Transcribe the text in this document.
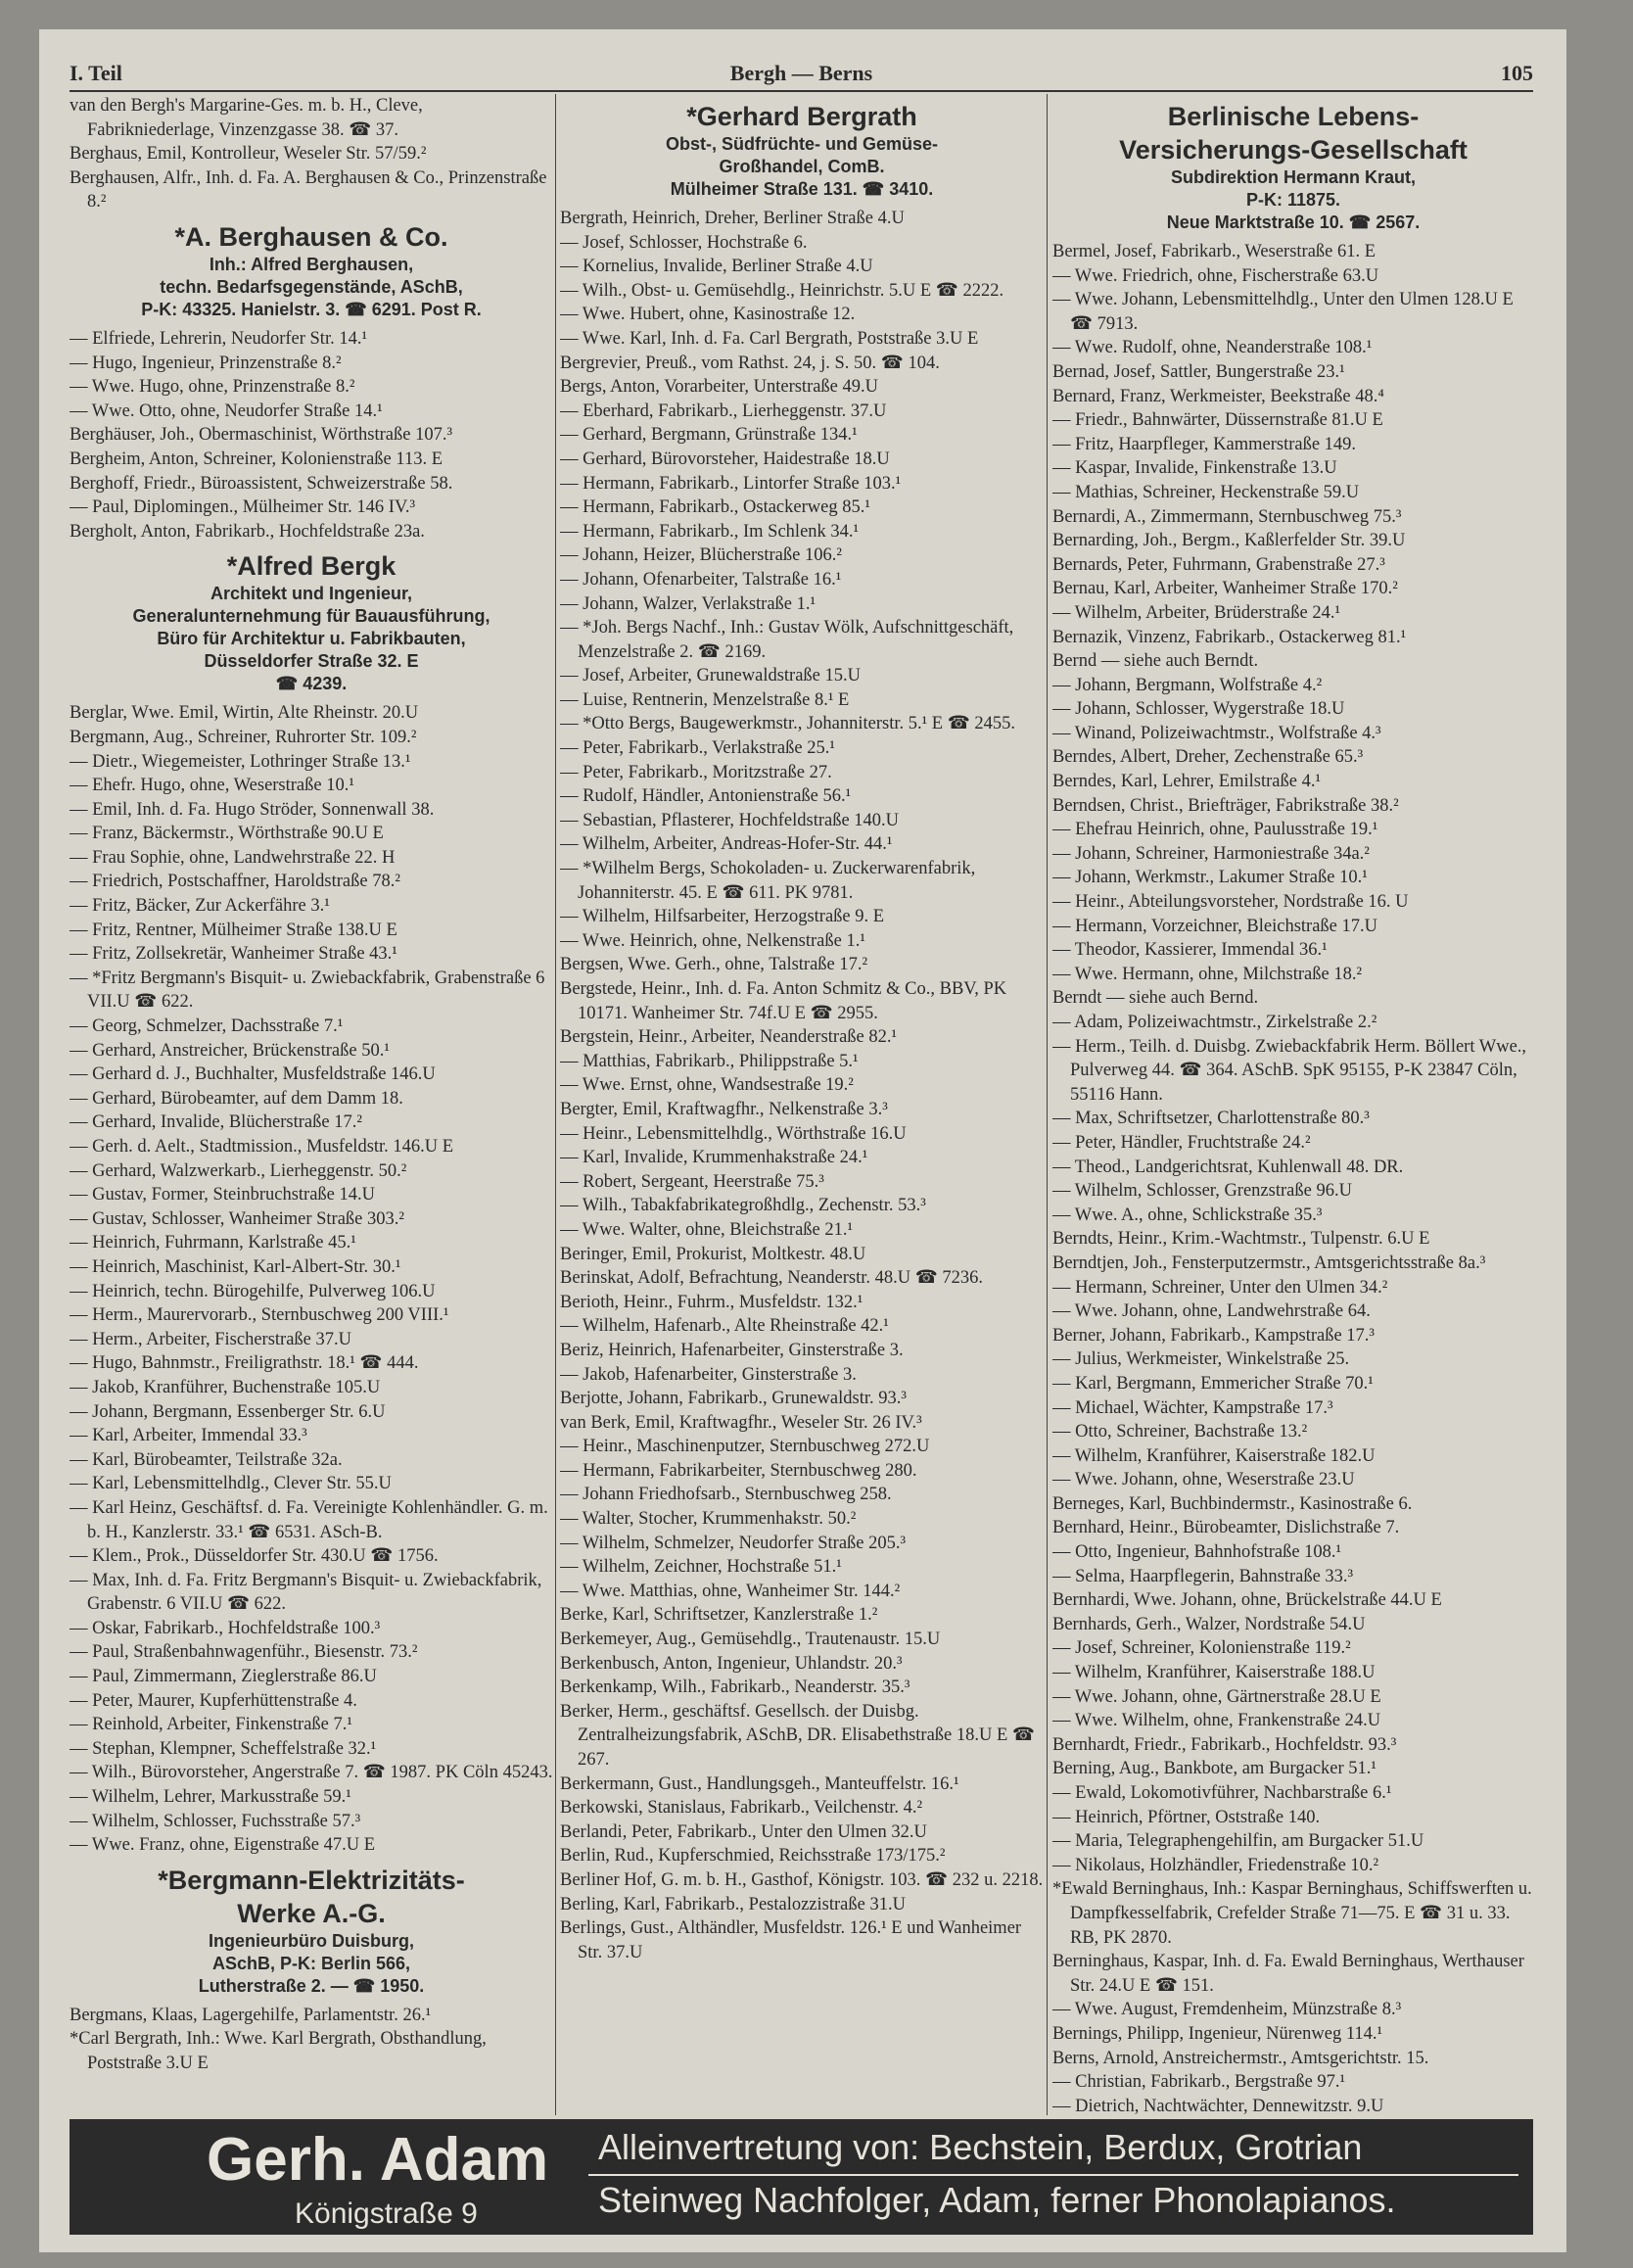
I. Teil	Bergh — Berns	105
van den Bergh's Margarine-Ges. m. b. H., Cleve, Fabrikniederlage, Vinzenzgasse 38. ☎ 37.
Berghaus, Emil, Kontrolleur, Weseler Str. 57/59.²
Berghausen, Alfr., Inh. d. Fa. A. Berghausen & Co., Prinzenstraße 8.²
*A. Berghausen & Co.
Inh.: Alfred Berghausen,
techn. Bedarfsgegenstände, ASchB,
P-K: 43325. Hanielstr. 3. ☎ 6291. Post R.
— Elfriede, Lehrerin, Neudorfer Str. 14.¹
— Hugo, Ingenieur, Prinzenstraße 8.²
— Wwe. Hugo, ohne, Prinzenstraße 8.²
— Wwe. Otto, ohne, Neudorfer Straße 14.¹
Berghäuser, Joh., Obermaschinist, Wörthstraße 107.³
Bergheim, Anton, Schreiner, Kolonienstraße 113. E
Berghoff, Friedr., Büroassistent, Schweizerstraße 58.
— Paul, Diplomingen., Mülheimer Str. 146 IV.³
Bergholt, Anton, Fabrikarb., Hochfeldstraße 23a.
*Alfred Bergk
Architekt und Ingenieur,
Generalunternehmung für Bauausführung,
Büro für Architektur u. Fabrikbauten,
Düsseldorfer Straße 32. E
☎ 4239.
Berglar, Wwe. Emil, Wirtin, Alte Rheinstr. 20.U
Bergmann, Aug., Schreiner, Ruhrorter Str. 109.²
— Dietr., Wiegemeister, Lothringer Straße 13.¹
— Ehefr. Hugo, ohne, Weserstraße 10.¹
— Emil, Inh. d. Fa. Hugo Ströder, Sonnenwall 38.
— Franz, Bäckermstr., Wörthstraße 90.U E
— Frau Sophie, ohne, Landwehrstraße 22. H
— Friedrich, Postschaffner, Haroldstraße 78.²
— Fritz, Bäcker, Zur Ackerfähre 3.¹
— Fritz, Rentner, Mülheimer Straße 138.U E
— Fritz, Zollsekretär, Wanheimer Straße 43.¹
— *Fritz Bergmann's Bisquit- u. Zwiebackfabrik, Grabenstraße 6 VII.U ☎ 622.
— Georg, Schmelzer, Dachsstraße 7.¹
— Gerhard, Anstreicher, Brückenstraße 50.¹
— Gerhard d. J., Buchhalter, Musfeldstraße 146.U
— Gerhard, Bürobeamter, auf dem Damm 18.
— Gerhard, Invalide, Blücherstraße 17.²
— Gerh. d. Aelt., Stadtmission., Musfeldstr. 146.U E
— Gerhard, Walzwerkarb., Lierheggenstr. 50.²
— Gustav, Former, Steinbruchstraße 14.U
— Gustav, Schlosser, Wanheimer Straße 303.²
— Heinrich, Fuhrmann, Karlstraße 45.¹
— Heinrich, Maschinist, Karl-Albert-Str. 30.¹
— Heinrich, techn. Bürogehilfe, Pulverweg 106.U
— Herm., Maurervorarb., Sternbuschweg 200 VIII.¹
— Herm., Arbeiter, Fischerstraße 37.U
— Hugo, Bahnmstr., Freiligrathstr. 18.¹ ☎ 444.
— Jakob, Kranführer, Buchenstraße 105.U
— Johann, Bergmann, Essenberger Str. 6.U
— Karl, Arbeiter, Immendal 33.³
— Karl, Bürobeamter, Teilstraße 32a.
— Karl, Lebensmittelhdlg., Clever Str. 55.U
— Karl Heinz, Geschäftsf. d. Fa. Vereinigte Kohlenhändler. G. m. b. H., Kanzlerstr. 33.¹ ☎ 6531. ASch-B.
— Klem., Prok., Düsseldorfer Str. 430.U ☎ 1756.
— Max, Inh. d. Fa. Fritz Bergmann's Bisquit- u. Zwiebackfabrik, Grabenstr. 6 VII.U ☎ 622.
— Oskar, Fabrikarb., Hochfeldstraße 100.³
— Paul, Straßenbahnwagenführ., Biesenstr. 73.²
— Paul, Zimmermann, Zieglerstraße 86.U
— Peter, Maurer, Kupferhüttenstraße 4.
— Reinhold, Arbeiter, Finkenstraße 7.¹
— Stephan, Klempner, Scheffelstraße 32.¹
— Wilh., Bürovorsteher, Angerstraße 7. ☎ 1987. PK Cöln 45243.
— Wilhelm, Lehrer, Markusstraße 59.¹
— Wilhelm, Schlosser, Fuchsstraße 57.³
— Wwe. Franz, ohne, Eigenstraße 47.U E
*Bergmann-Elektrizitäts-
Werke A.-G.
Ingenieurbüro Duisburg,
ASchB, P-K: Berlin 566,
Lutherstraße 2. — ☎ 1950.
Bergmans, Klaas, Lagergehilfe, Parlamentstr. 26.¹
*Carl Bergrath, Inh.: Wwe. Karl Bergrath, Obsthandlung, Poststraße 3.U E
*Gerhard Bergrath
Obst-, Südfrüchte- und Gemüse-
Großhandel, ComB.
Mülheimer Straße 131. ☎ 3410.
Bergrath, Heinrich, Dreher, Berliner Straße 4.U
— Josef, Schlosser, Hochstraße 6.
— Kornelius, Invalide, Berliner Straße 4.U
— Wilh., Obst- u. Gemüsehdlg., Heinrichstr. 5.U E ☎ 2222.
— Wwe. Hubert, ohne, Kasinostraße 12.
— Wwe. Karl, Inh. d. Fa. Carl Bergrath, Poststraße 3.U E
Bergrevier, Preuß., vom Rathst. 24, j. S. 50. ☎ 104.
Bergs, Anton, Vorarbeiter, Unterstraße 49.U
— Eberhard, Fabrikarb., Lierheggenstr. 37.U
— Gerhard, Bergmann, Grünstraße 134.¹
— Gerhard, Bürovorsteher, Haidestraße 18.U
— Hermann, Fabrikarb., Lintorfer Straße 103.¹
— Hermann, Fabrikarb., Ostackerweg 85.¹
— Hermann, Fabrikarb., Im Schlenk 34.¹
— Johann, Heizer, Blücherstraße 106.²
— Johann, Ofenarbeiter, Talstraße 16.¹
— Johann, Walzer, Verlakstraße 1.¹
— *Joh. Bergs Nachf., Inh.: Gustav Wölk, Aufschnittgeschäft, Menzelstraße 2. ☎ 2169.
— Josef, Arbeiter, Grunewaldstraße 15.U
— Luise, Rentnerin, Menzelstraße 8.¹ E
— *Otto Bergs, Baugewerkmstr., Johanniterstr. 5.¹ E ☎ 2455.
— Peter, Fabrikarb., Verlakstraße 25.¹
— Peter, Fabrikarb., Moritzstraße 27.
— Rudolf, Händler, Antonienstraße 56.¹
— Sebastian, Pflasterer, Hochfeldstraße 140.U
— Wilhelm, Arbeiter, Andreas-Hofer-Str. 44.¹
— *Wilhelm Bergs, Schokoladen- u. Zuckerwarenfabrik, Johanniterstr. 45. E ☎ 611. PK 9781.
— Wilhelm, Hilfsarbeiter, Herzogstraße 9. E
— Wwe. Heinrich, ohne, Nelkenstraße 1.¹
Bergsen, Wwe. Gerh., ohne, Talstraße 17.²
Bergstede, Heinr., Inh. d. Fa. Anton Schmitz & Co., BBV, PK 10171. Wanheimer Str. 74f.U E ☎ 2955.
Bergstein, Heinr., Arbeiter, Neanderstraße 82.¹
— Matthias, Fabrikarb., Philippstraße 5.¹
— Wwe. Ernst, ohne, Wandsestraße 19.²
Bergter, Emil, Kraftwagfhr., Nelkenstraße 3.³
— Heinr., Lebensmittelhdlg., Wörthstraße 16.U
— Karl, Invalide, Krummenhakstraße 24.¹
— Robert, Sergeant, Heerstraße 75.³
— Wilh., Tabakfabrikategroßhdlg., Zechenstr. 53.³
— Wwe. Walter, ohne, Bleichstraße 21.¹
Beringer, Emil, Prokurist, Moltkestr. 48.U
Berinskat, Adolf, Befrachtung, Neanderstr. 48.U ☎ 7236.
Berioth, Heinr., Fuhrm., Musfeldstr. 132.¹
— Wilhelm, Hafenarb., Alte Rheinstraße 42.¹
Beriz, Heinrich, Hafenarbeiter, Ginsterstraße 3.
— Jakob, Hafenarbeiter, Ginsterstraße 3.
Berjotte, Johann, Fabrikarb., Grunewaldstr. 93.³
van Berk, Emil, Kraftwagfhr., Weseler Str. 26 IV.³
— Heinr., Maschinenputzer, Sternbuschweg 272.U
— Hermann, Fabrikarbeiter, Sternbuschweg 280.
— Johann Friedhofsarb., Sternbuschweg 258.
— Walter, Stocher, Krummenhakstr. 50.²
— Wilhelm, Schmelzer, Neudorfer Straße 205.³
— Wilhelm, Zeichner, Hochstraße 51.¹
— Wwe. Matthias, ohne, Wanheimer Str. 144.²
Berke, Karl, Schriftsetzer, Kanzlerstraße 1.²
Berkemeyer, Aug., Gemüsehdlg., Trautenaustr. 15.U
Berkenbusch, Anton, Ingenieur, Uhlandstr. 20.³
Berkenkamp, Wilh., Fabrikarb., Neanderstr. 35.³
Berker, Herm., geschäftsf. Gesellsch. der Duisbg. Zentralheizungsfabrik, ASchB, DR. Elisabethstraße 18.U E ☎ 267.
Berkermann, Gust., Handlungsgeh., Manteuffelstr. 16.¹
Berkowski, Stanislaus, Fabrikarb., Veilchenstr. 4.²
Berlandi, Peter, Fabrikarb., Unter den Ulmen 32.U
Berlin, Rud., Kupferschmied, Reichsstraße 173/175.²
Berliner Hof, G. m. b. H., Gasthof, Königstr. 103. ☎ 232 u. 2218.
Berling, Karl, Fabrikarb., Pestalozzistraße 31.U
Berlings, Gust., Althändler, Musfeldstr. 126.¹ E und Wanheimer Str. 37.U
Berlinische Lebens-
Versicherungs-Gesellschaft
Subdirektion Hermann Kraut,
P-K: 11875.
Neue Marktstraße 10. ☎ 2567.
Bermel, Josef, Fabrikarb., Weserstraße 61. E
— Wwe. Friedrich, ohne, Fischerstraße 63.U
— Wwe. Johann, Lebensmittelhdlg., Unter den Ulmen 128.U E ☎ 7913.
— Wwe. Rudolf, ohne, Neanderstraße 108.¹
Bernad, Josef, Sattler, Bungerstraße 23.¹
Bernard, Franz, Werkmeister, Beekstraße 48.⁴
— Friedr., Bahnwärter, Düssernstraße 81.U E
— Fritz, Haarpfleger, Kammerstraße 149.
— Kaspar, Invalide, Finkenstraße 13.U
— Mathias, Schreiner, Heckenstraße 59.U
Bernardi, A., Zimmermann, Sternbuschweg 75.³
Bernarding, Joh., Bergm., Kaßlerfelder Str. 39.U
Bernards, Peter, Fuhrmann, Grabenstraße 27.³
Bernau, Karl, Arbeiter, Wanheimer Straße 170.²
— Wilhelm, Arbeiter, Brüderstraße 24.¹
Bernazik, Vinzenz, Fabrikarb., Ostackerweg 81.¹
Bernd — siehe auch Berndt.
— Johann, Bergmann, Wolfstraße 4.²
— Johann, Schlosser, Wygerstraße 18.U
— Winand, Polizeiwachtmstr., Wolfstraße 4.³
Berndes, Albert, Dreher, Zechenstraße 65.³
Berndes, Karl, Lehrer, Emilstraße 4.¹
Berndsen, Christ., Briefträger, Fabrikstraße 38.²
— Ehefrau Heinrich, ohne, Paulusstraße 19.¹
— Johann, Schreiner, Harmoniestraße 34a.²
— Johann, Werkmstr., Lakumer Straße 10.¹
— Heinr., Abteilungsvorsteher, Nordstraße 16. U
— Hermann, Vorzeichner, Bleichstraße 17.U
— Theodor, Kassierer, Immendal 36.¹
— Wwe. Hermann, ohne, Milchstraße 18.²
Berndt — siehe auch Bernd.
— Adam, Polizeiwachtmstr., Zirkelstraße 2.²
— Herm., Teilh. d. Duisbg. Zwiebackfabrik Herm. Böllert Wwe., Pulverweg 44. ☎ 364. ASchB. SpK 95155, P-K 23847 Cöln, 55116 Hann.
— Max, Schriftsetzer, Charlottenstraße 80.³
— Peter, Händler, Fruchtstraße 24.²
— Theod., Landgerichtsrat, Kuhlenwall 48. DR.
— Wilhelm, Schlosser, Grenzstraße 96.U
— Wwe. A., ohne, Schlickstraße 35.³
Berndts, Heinr., Krim.-Wachtmstr., Tulpenstr. 6.U E
Berndtjen, Joh., Fensterputzermstr., Amtsgerichtsstraße 8a.³
— Hermann, Schreiner, Unter den Ulmen 34.²
— Wwe. Johann, ohne, Landwehrstraße 64.
Berner, Johann, Fabrikarb., Kampstraße 17.³
— Julius, Werkmeister, Winkelstraße 25.
— Karl, Bergmann, Emmericher Straße 70.¹
— Michael, Wächter, Kampstraße 17.³
— Otto, Schreiner, Bachstraße 13.²
— Wilhelm, Kranführer, Kaiserstraße 182.U
— Wwe. Johann, ohne, Weserstraße 23.U
Berneges, Karl, Buchbindermstr., Kasinostraße 6.
Bernhard, Heinr., Bürobeamter, Dislichstraße 7.
— Otto, Ingenieur, Bahnhofstraße 108.¹
— Selma, Haarpflegerin, Bahnstraße 33.³
Bernhardi, Wwe. Johann, ohne, Brückelstraße 44.U E
Bernhards, Gerh., Walzer, Nordstraße 54.U
— Josef, Schreiner, Kolonienstraße 119.²
— Wilhelm, Kranführer, Kaiserstraße 188.U
— Wwe. Johann, ohne, Gärtnerstraße 28.U E
— Wwe. Wilhelm, ohne, Frankenstraße 24.U
Bernhardt, Friedr., Fabrikarb., Hochfeldstr. 93.³
Berning, Aug., Bankbote, am Burgacker 51.¹
— Ewald, Lokomotivführer, Nachbarstraße 6.¹
— Heinrich, Pförtner, Oststraße 140.
— Maria, Telegraphengehilfin, am Burgacker 51.U
— Nikolaus, Holzhändler, Friedenstraße 10.²
*Ewald Berninghaus, Inh.: Kaspar Berninghaus, Schiffswerften u. Dampfkesselfabrik, Crefelder Straße 71—75. E ☎ 31 u. 33. RB, PK 2870.
Berninghaus, Kaspar, Inh. d. Fa. Ewald Berninghaus, Werthauser Str. 24.U E ☎ 151.
— Wwe. August, Fremdenheim, Münzstraße 8.³
Bernings, Philipp, Ingenieur, Nürenweg 114.¹
Berns, Arnold, Anstreichermstr., Amtsgerichtstr. 15.
— Christian, Fabrikarb., Bergstraße 97.¹
— Dietrich, Nachtwächter, Dennewitzstr. 9.U
Gerh. Adam
Königstraße 9
Alleinvertretung von: Bechstein, Berdux, Grotrian
Steinweg Nachfolger, Adam, ferner Phonolapianos.
